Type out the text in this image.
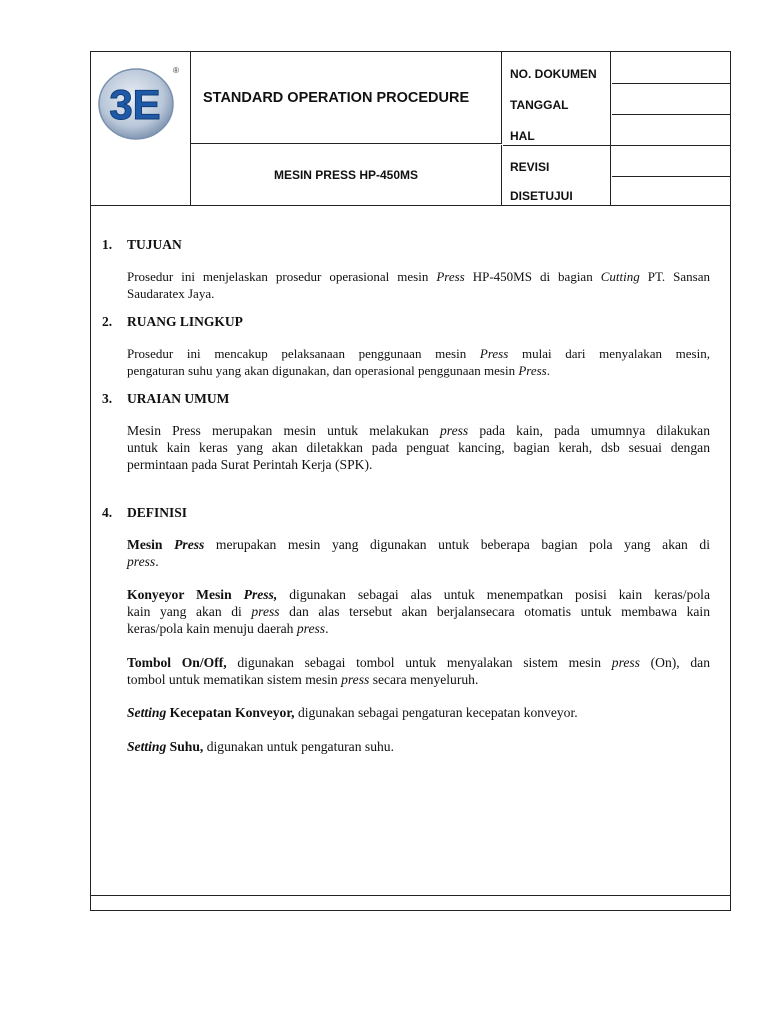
3E
®
STANDARD OPERATION PROCEDURE
MESIN PRESS HP-450MS
NO. DOKUMEN
TANGGAL
HAL
REVISI
DISETUJUI
1. TUJUAN
Prosedur ini menjelaskan prosedur operasional mesin Press HP-450MS di bagian Cutting PT. Sansan
Saudaratex Jaya.
2. RUANG LINGKUP
Prosedur ini mencakup pelaksanaan penggunaan mesin Press mulai dari menyalakan mesin,
pengaturan suhu yang akan digunakan, dan operasional penggunaan mesin Press.
3. URAIAN UMUM
Mesin Press merupakan mesin untuk melakukan press pada kain, pada umumnya dilakukan
untuk kain keras yang akan diletakkan pada penguat kancing, bagian kerah, dsb sesuai dengan
permintaan pada Surat Perintah Kerja (SPK).
4. DEFINISI
Mesin Press merupakan mesin yang digunakan untuk beberapa bagian pola yang akan di
press.
Konyeyor Mesin Press, digunakan sebagai alas untuk menempatkan posisi kain keras/pola
kain yang akan di press dan alas tersebut akan berjalansecara otomatis untuk membawa kain
keras/pola kain menuju daerah press.
Tombol On/Off, digunakan sebagai tombol untuk menyalakan sistem mesin press (On), dan
tombol untuk mematikan sistem mesin press secara menyeluruh.
Setting Kecepatan Konveyor, digunakan sebagai pengaturan kecepatan konveyor.
Setting Suhu, digunakan untuk pengaturan suhu.
